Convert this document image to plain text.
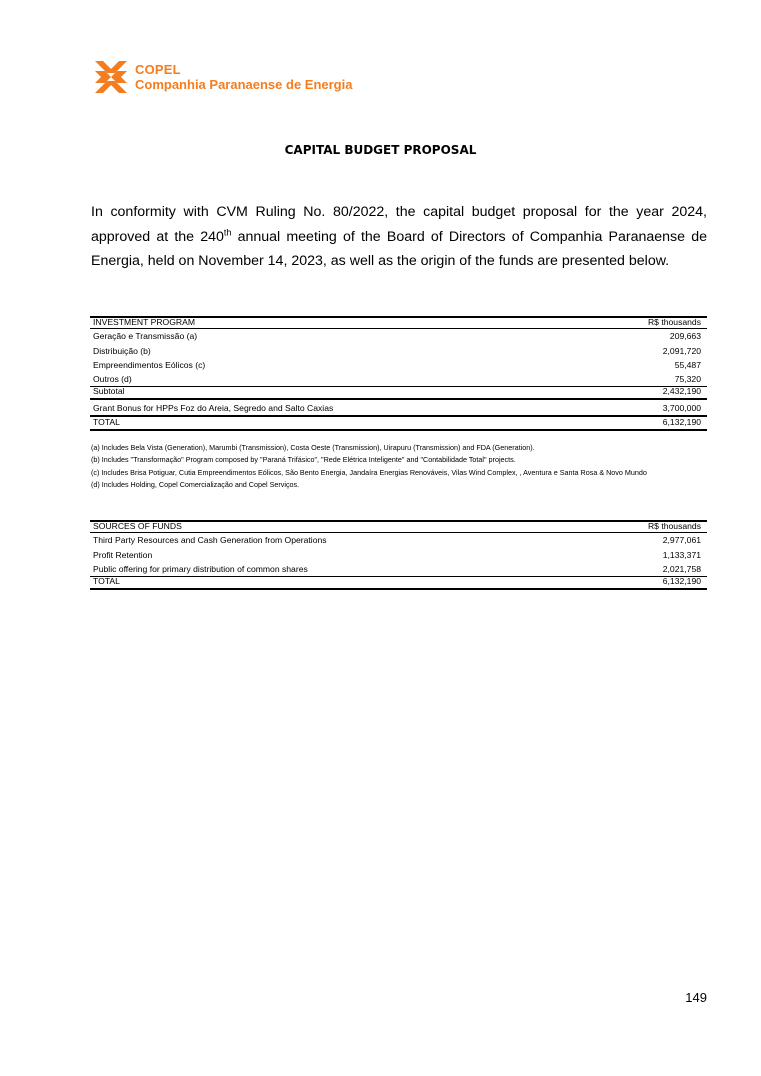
COPEL
Companhia Paranaense de Energia
CAPITAL BUDGET PROPOSAL

In conformity with CVM Ruling No. 80/2022, the capital budget proposal for the year 2024, approved at the 240th annual meeting of the Board of Directors of Companhia Paranaense de Energia, held on November 14, 2023, as well as the origin of the funds are presented below.

INVESTMENT PROGRAM	R$ thousands
Geração e Transmissão (a)	209,663
Distribuição (b)	2,091,720
Empreendimentos Eólicos (c)	55,487
Outros (d)	75,320
Subtotal	2,432,190
Grant Bonus for HPPs Foz do Areia, Segredo and Salto Caxias	3,700,000
TOTAL	6,132,190
(a) Includes Bela Vista (Generation), Marumbi (Transmission), Costa Oeste (Transmission), Uirapuru (Transmission) and FDA (Generation).
(b) Includes "Transformação" Program composed by "Paraná Trifásico", "Rede Elétrica Inteligente" and "Contabilidade Total" projects.
(c) Includes Brisa Potiguar, Cutia Empreendimentos Eólicos, São Bento Energia, Jandaíra Energias Renováveis, Vilas Wind Complex, , Aventura e Santa Rosa & Novo Mundo
(d) Includes Holding, Copel Comercialização and Copel Serviços.
SOURCES OF FUNDS	R$ thousands
Third Party Resources and Cash Generation from Operations	2,977,061
Profit Retention	1,133,371
Public offering for primary distribution of common shares	2,021,758
TOTAL	6,132,190
149
